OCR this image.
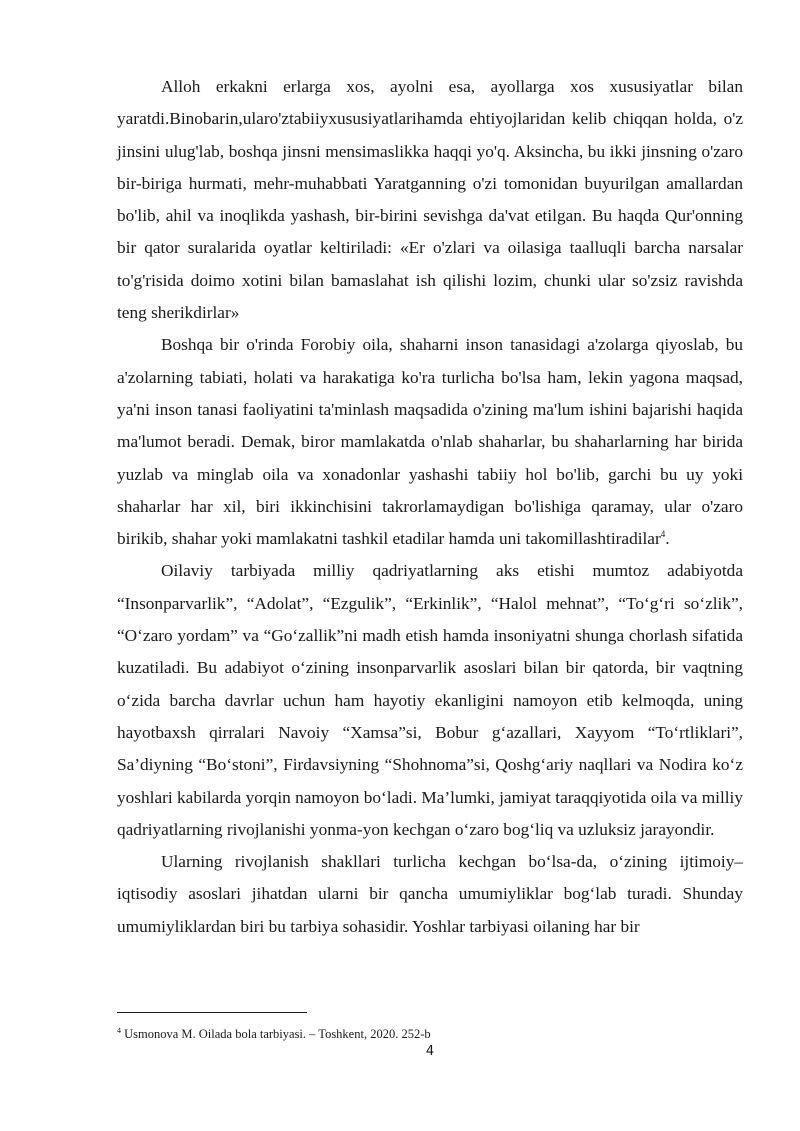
Alloh erkakni erlarga xos, ayolni esa, ayollarga xos xususiyatlar bilan yaratdi.Binobarin,ularo'ztabiiyxususiyatlarihamda ehtiyojlaridan kelib chiqqan holda, o'z jinsini ulug'lab, boshqa jinsni mensimaslikka haqqi yo'q. Aksincha, bu ikki jinsning o'zaro bir-biriga hurmati, mehr-muhabbati Yaratganning o'zi tomonidan buyurilgan amallardan bo'lib, ahil va inoqlikda yashash, bir-birini sevishga da'vat etilgan. Bu haqda Qur'onning bir qator suralarida oyatlar keltiriladi: «Er o'zlari va oilasiga taalluqli barcha narsalar to'g'risida doimo xotini bilan bamaslahat ish qilishi lozim, chunki ular so'zsiz ravishda teng sherikdirlar»

Boshqa bir o'rinda Forobiy oila, shaharni inson tanasidagi a'zolarga qiyoslab, bu a'zolarning tabiati, holati va harakatiga ko'ra turlicha bo'lsa ham, lekin yagona maqsad, ya'ni inson tanasi faoliyatini ta'minlash maqsadida o'zining ma'lum ishini bajarishi haqida ma'lumot beradi. Demak, biror mamlakatda o'nlab shaharlar, bu shaharlarning har birida yuzlab va minglab oila va xonadonlar yashashi tabiiy hol bo'lib, garchi bu uy yoki shaharlar har xil, biri ikkinchisini takrorlamaydigan bo'lishiga qaramay, ular o'zaro birikib, shahar yoki mamlakatni tashkil etadilar hamda uni takomillashtiradilar$^4$.

Oilaviy tarbiyada milliy qadriyatlarning aks etishi mumtoz adabiyotda “Insonparvarlik”, “Adolat”, “Ezgulik”, “Erkinlik”, “Halol mehnat”, “To‘g‘ri so‘zlik”, “O‘zaro yordam” va “Go‘zallik”ni madh etish hamda insoniyatni shunga chorlash sifatida kuzatiladi. Bu adabiyot o‘zining insonparvarlik asoslari bilan bir qatorda, bir vaqtning o‘zida barcha davrlar uchun ham hayotiy ekanligini namoyon etib kelmoqda, uning hayotbaxsh qirralari Navoiy “Xamsa”si, Bobur g‘azallari, Xayyom “To‘rtliklari”, Sa’diyning “Bo‘stoni”, Firdavsiyning “Shohnoma”si, Qoshg‘ariy naqllari va Nodira ko‘z yoshlari kabilarda yorqin namoyon bo‘ladi. Ma’lumki, jamiyat taraqqiyotida oila va milliy qadriyatlarning rivojlanishi yonma-yon kechgan o‘zaro bog‘liq va uzluksiz jarayondir.

Ularning rivojlanish shakllari turlicha kechgan bo‘lsa-da, o‘zining ijtimoiy–iqtisodiy asoslari jihatdan ularni bir qancha umumiyliklar bog‘lab turadi. Shunday umumiyliklardan biri bu tarbiya sohasidir. Yoshlar tarbiyasi oilaning har bir

$^4$ Usmonova M. Oilada bola tarbiyasi. – Toshkent, 2020. 252-b
4
